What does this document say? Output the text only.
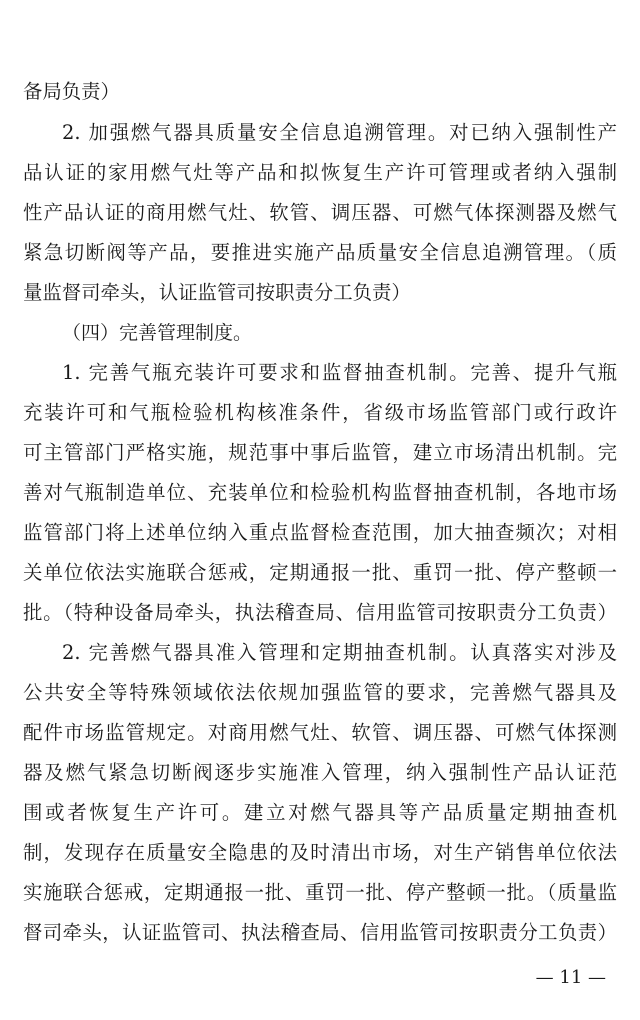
备局负责）
2. 加强燃气器具质量安全信息追溯管理。对已纳入强制性产
品认证的家用燃气灶等产品和拟恢复生产许可管理或者纳入强制
性产品认证的商用燃气灶、软管、调压器、可燃气体探测器及燃气
紧急切断阀等产品，要推进实施产品质量安全信息追溯管理。（质
量监督司牵头，认证监管司按职责分工负责）
（四）完善管理制度。
1. 完善气瓶充装许可要求和监督抽查机制。完善、提升气瓶
充装许可和气瓶检验机构核准条件，省级市场监管部门或行政许
可主管部门严格实施，规范事中事后监管，建立市场清出机制。完
善对气瓶制造单位、充装单位和检验机构监督抽查机制，各地市场
监管部门将上述单位纳入重点监督检查范围，加大抽查频次；对相
关单位依法实施联合惩戒，定期通报一批、重罚一批、停产整顿一
批。（特种设备局牵头，执法稽查局、信用监管司按职责分工负责）
2. 完善燃气器具准入管理和定期抽查机制。认真落实对涉及
公共安全等特殊领域依法依规加强监管的要求，完善燃气器具及
配件市场监管规定。对商用燃气灶、软管、调压器、可燃气体探测
器及燃气紧急切断阀逐步实施准入管理，纳入强制性产品认证范
围或者恢复生产许可。建立对燃气器具等产品质量定期抽查机
制，发现存在质量安全隐患的及时清出市场，对生产销售单位依法
实施联合惩戒，定期通报一批、重罚一批、停产整顿一批。（质量监
督司牵头，认证监管司、执法稽查局、信用监管司按职责分工负责）
— 11 —
